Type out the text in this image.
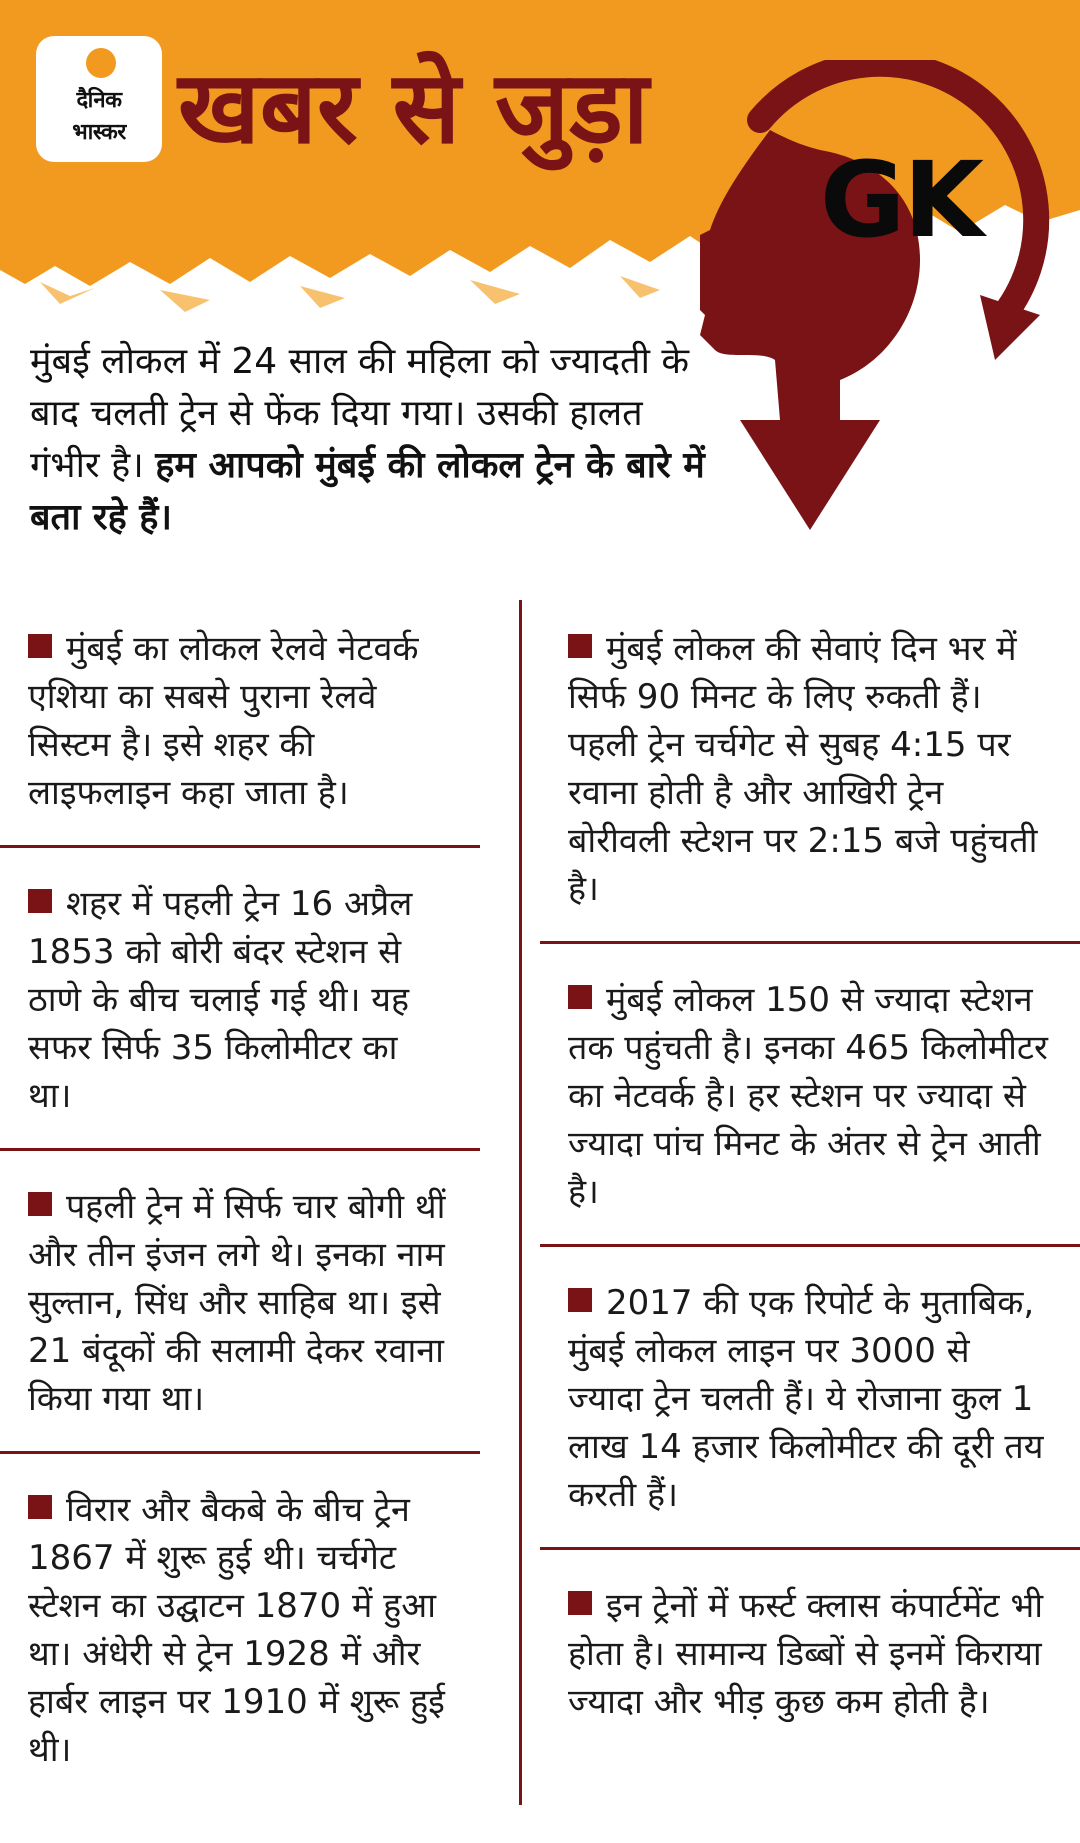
दैनिक
भास्कर खबर से जुड़ा
GK
मुंबई लोकल में 24 साल की महिला को ज्यादती के बाद चलती ट्रेन से फेंक दिया गया। उसकी हालत गंभीर है। हम आपको मुंबई की लोकल ट्रेन के बारे में बता रहे हैं।
मुंबई का लोकल रेलवे नेटवर्क एशिया का सबसे पुराना रेलवे सिस्टम है। इसे शहर की लाइफलाइन कहा जाता है।
शहर में पहली ट्रेन 16 अप्रैल 1853 को बोरी बंदर स्टेशन से ठाणे के बीच चलाई गई थी। यह सफर सिर्फ 35 किलोमीटर का था।
पहली ट्रेन में सिर्फ चार बोगी थीं और तीन इंजन लगे थे। इनका नाम सुल्तान, सिंध और साहिब था। इसे 21 बंदूकों की सलामी देकर रवाना किया गया था।
विरार और बैकबे के बीच ट्रेन 1867 में शुरू हुई थी। चर्चगेट स्टेशन का उद्घाटन 1870 में हुआ था। अंधेरी से ट्रेन 1928 में और हार्बर लाइन पर 1910 में शुरू हुई थी।
मुंबई लोकल की सेवाएं दिन भर में सिर्फ 90 मिनट के लिए रुकती हैं। पहली ट्रेन चर्चगेट से सुबह 4:15 पर रवाना होती है और आखिरी ट्रेन बोरीवली स्टेशन पर 2:15 बजे पहुंचती है।
मुंबई लोकल 150 से ज्यादा स्टेशन तक पहुंचती है। इनका 465 किलोमीटर का नेटवर्क है। हर स्टेशन पर ज्यादा से ज्यादा पांच मिनट के अंतर से ट्रेन आती है।
2017 की एक रिपोर्ट के मुताबिक, मुंबई लोकल लाइन पर 3000 से ज्यादा ट्रेन चलती हैं। ये रोजाना कुल 1 लाख 14 हजार किलोमीटर की दूरी तय करती हैं।
इन ट्रेनों में फर्स्ट क्लास कंपार्टमेंट भी होता है। सामान्य डिब्बों से इनमें किराया ज्यादा और भीड़ कुछ कम होती है।
